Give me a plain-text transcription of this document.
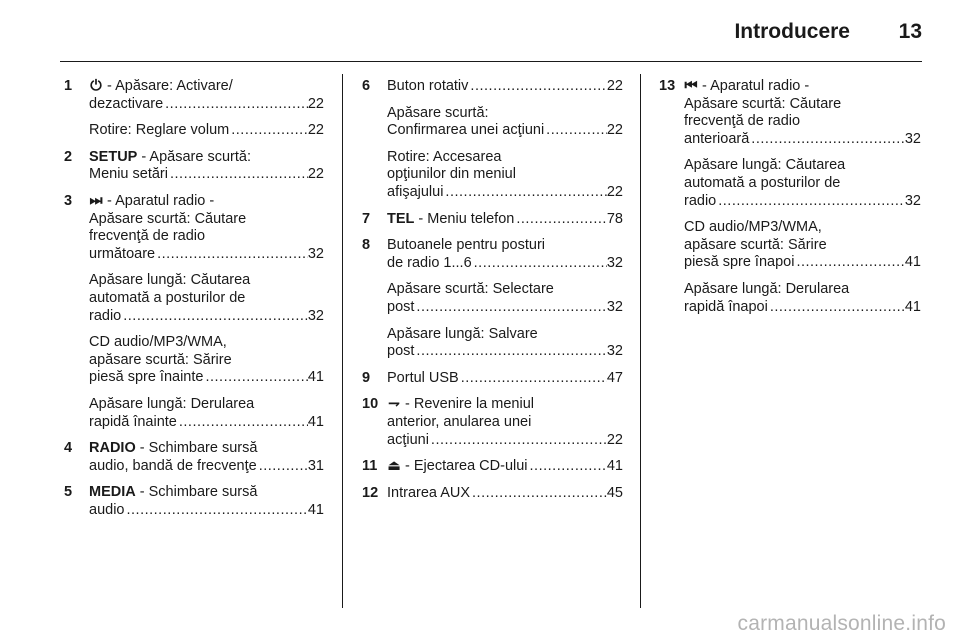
Introducere 13
1 ⏻ - Apăsare: Activare/
dezactivare .....	22
Rotire: Reglare volum .....	22
2 SETUP - Apăsare scurtă:
Meniu setări .....	22
3 ⏭ - Aparatul radio -
Apăsare scurtă: Căutare
frecvenţă de radio
următoare .....	32
Apăsare lungă: Căutarea
automată a posturilor de
radio .....	32
CD audio/MP3/WMA,
apăsare scurtă: Sărire
piesă spre înainte .....	41
Apăsare lungă: Derularea
rapidă înainte .....	41
4 RADIO - Schimbare sursă
audio, bandă de frecvenţe .....	31
5 MEDIA - Schimbare sursă
audio .....	41
6 Buton rotativ .....	22
Apăsare scurtă:
Confirmarea unei acţiuni .....	22
Rotire: Accesarea
opţiunilor din meniul
afişajului .....	22
7 TEL - Meniu telefon .....	78
8 Butoanele pentru posturi
de radio 1...6 .....	32
Apăsare scurtă: Selectare
post .....	32
Apăsare lungă: Salvare
post .....	32
9 Portul USB .....	47
10 ⇁ - Revenire la meniul
anterior, anularea unei
acţiuni .....	22
11 ⏏ - Ejectarea CD-ului .....	41
12 Intrarea AUX .....	45
13 ⏮ - Aparatul radio -
Apăsare scurtă: Căutare
frecvenţă de radio
anterioară .....	32
Apăsare lungă: Căutarea
automată a posturilor de
radio .....	32
CD audio/MP3/WMA,
apăsare scurtă: Sărire
piesă spre înapoi .....	41
Apăsare lungă: Derularea
rapidă înapoi .....	41
carmanualsonline.info
